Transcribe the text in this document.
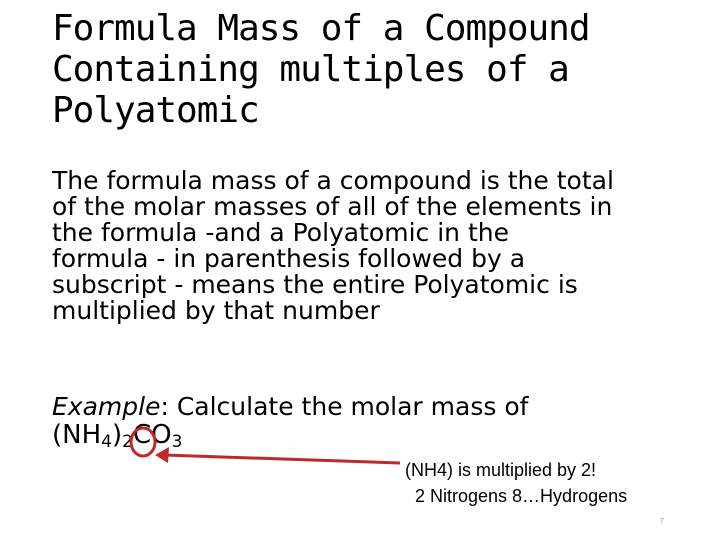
Formula Mass of a Compound
Containing multiples of a
Polyatomic
The formula mass of a compound is the total
of the molar masses of all of the elements in
the formula -and a Polyatomic in the
formula - in parenthesis followed by a
subscript - means the entire Polyatomic is
multiplied by that number
Example: Calculate the molar mass of
$(NH_4)_2CO_3$
(NH4) is multiplied by 2!
2 Nitrogens 8…Hydrogens
7
